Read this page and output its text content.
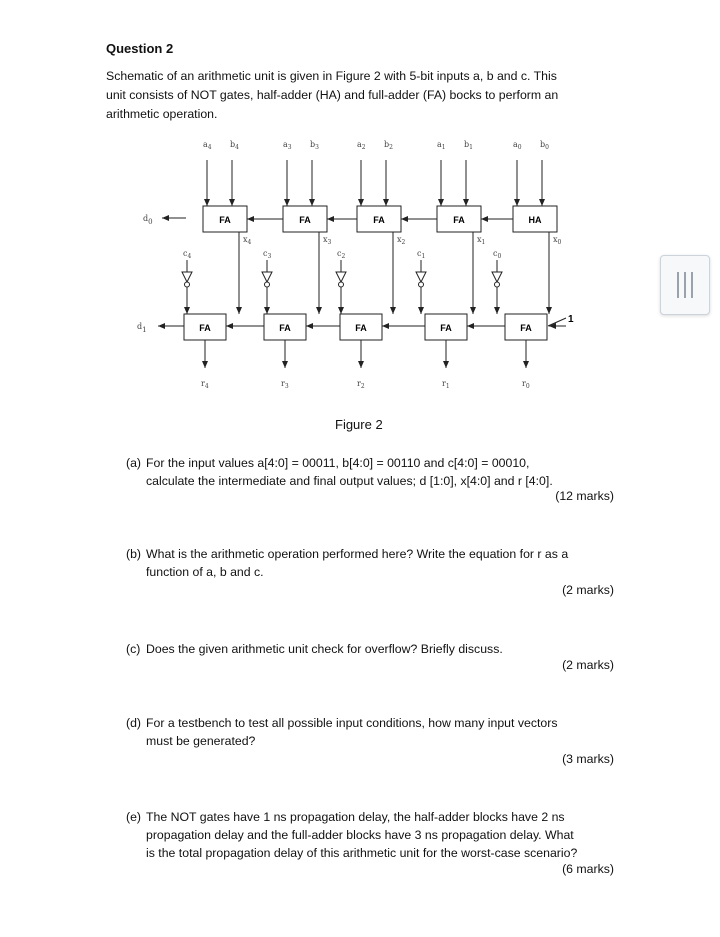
Question 2
Schematic of an arithmetic unit is given in Figure 2 with 5-bit inputs a, b and c. This
unit consists of NOT gates, half-adder (HA) and full-adder (FA) bocks to perform an
arithmetic operation.
$a_4$ $b_4$
FA
$x_4$
$c_4$
FA
$r_4$
$a_3$ $b_3$
FA
$x_3$
$c_3$
FA
$r_3$
$a_2$ $b_2$
FA
$x_2$
$c_2$
FA
$r_2$
$a_1$ $b_1$
FA
$x_1$
$c_1$
FA
$r_1$
$a_0$ $b_0$
HA
$x_0$
$c_0$
FA
$r_0$
d0
d1
1
Figure 2
(a) For the input values a[4:0] = 00011, b[4:0] = 00110 and c[4:0] = 00010,
calculate the intermediate and final output values; d [1:0], x[4:0] and r [4:0].
(12 marks)
(b) What is the arithmetic operation performed here? Write the equation for r as a
function of a, b and c.
(2 marks)
(c) Does the given arithmetic unit check for overflow? Briefly discuss.
(2 marks)
(d) For a testbench to test all possible input conditions, how many input vectors
must be generated?
(3 marks)
(e) The NOT gates have 1 ns propagation delay, the half-adder blocks have 2 ns
propagation delay and the full-adder blocks have 3 ns propagation delay. What
is the total propagation delay of this arithmetic unit for the worst-case scenario?
(6 marks)
